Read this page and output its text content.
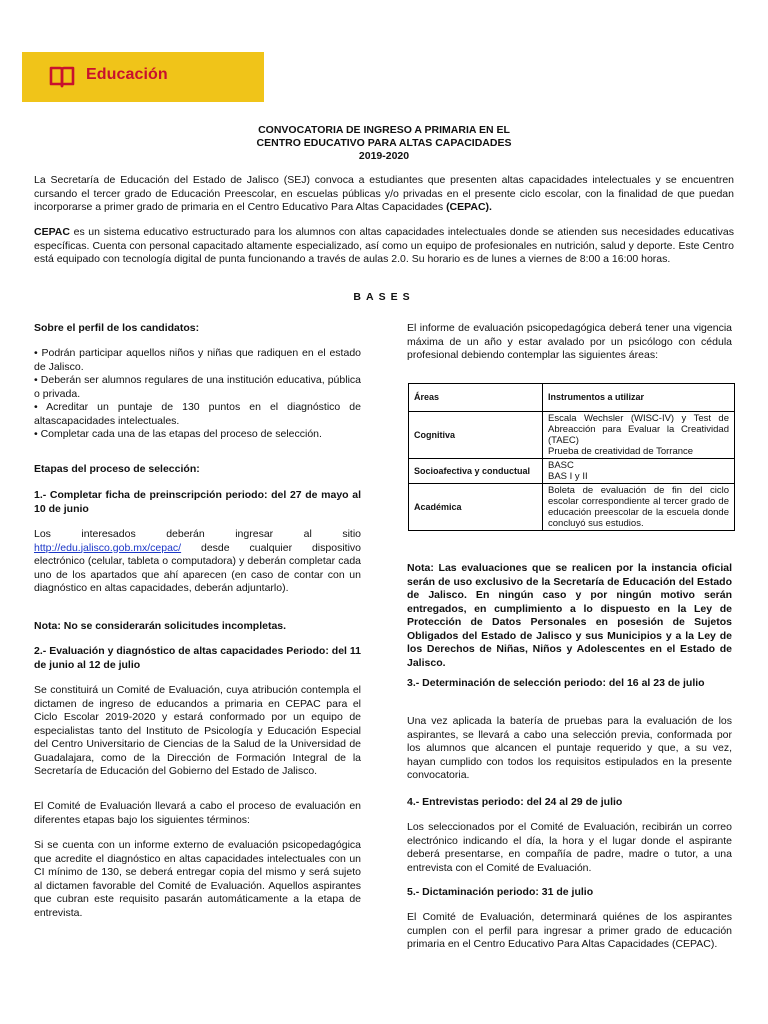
Educación
CONVOCATORIA DE INGRESO A PRIMARIA EN EL
CENTRO EDUCATIVO PARA ALTAS CAPACIDADES
2019-2020
La Secretaría de Educación del Estado de Jalisco (SEJ) convoca a estudiantes que presenten altas capacidades intelectuales y se encuentren cursando el tercer grado de Educación Preescolar, en escuelas públicas y/o privadas en el presente ciclo escolar, con la finalidad de que puedan incorporarse a primer grado de primaria en el Centro Educativo Para Altas Capacidades (CEPAC).
CEPAC es un sistema educativo estructurado para los alumnos con altas capacidades intelectuales donde se atienden sus necesidades educativas específicas. Cuenta con personal capacitado altamente especializado, así como un equipo de profesionales en nutrición, salud y deporte. Este Centro está equipado con tecnología digital de punta funcionando a través de aulas 2.0. Su horario es de lunes a viernes de 8:00 a 16:00 horas.
BASES
Sobre el perfil de los candidatos:
• Podrán participar aquellos niños y niñas que radiquen en el estado de Jalisco.
• Deberán ser alumnos regulares de una institución educativa, pública o privada.
• Acreditar un puntaje de 130 puntos en el diagnóstico de altascapacidades intelectuales.
• Completar cada una de las etapas del proceso de selección.
Etapas del proceso de selección:
1.- Completar ficha de preinscripción periodo: del 27 de mayo al 10 de junio
Los interesados deberán ingresar al sitio http://edu.jalisco.gob.mx/cepac/ desde cualquier dispositivo electrónico (celular, tableta o computadora) y deberán completar cada uno de los apartados que ahí aparecen (en caso de contar con un diagnóstico en altas capacidades, deberán adjuntarlo).
Nota: No se considerarán solicitudes incompletas.
2.- Evaluación y diagnóstico de altas capacidades Periodo: del 11 de junio al 12 de julio
Se constituirá un Comité de Evaluación, cuya atribución contempla el dictamen de ingreso de educandos a primaria en CEPAC para el Ciclo Escolar 2019-2020 y estará conformado por un equipo de especialistas tanto del Instituto de Psicología y Educación Especial del Centro Universitario de Ciencias de la Salud de la Universidad de Guadalajara, como de la Dirección de Formación Integral de la Secretaría de Educación del Gobierno del Estado de Jalisco.
El Comité de Evaluación llevará a cabo el proceso de evaluación en diferentes etapas bajo los siguientes términos:
Si se cuenta con un informe externo de evaluación psicopedagógica que acredite el diagnóstico en altas capacidades intelectuales con un CI mínimo de 130, se deberá entregar copia del mismo y será sujeto al dictamen favorable del Comité de Evaluación. Aquellos aspirantes que cubran este requisito pasarán automáticamente a la etapa de entrevista.
El informe de evaluación psicopedagógica deberá tener una vigencia máxima de un año y estar avalado por un psicólogo con cédula profesional debiendo contemplar las siguientes áreas:
Áreas	Instrumentos a utilizar
Cognitiva	Escala Wechsler (WISC-IV) y Test de Abreacción para Evaluar la Creatividad (TAEC)
Prueba de creatividad de Torrance

Socioafectiva y conductual	BASC
BAS I y II

Académica	Boleta de evaluación de fin del ciclo escolar correspondiente al tercer grado de educación preescolar de la escuela donde concluyó sus estudios.
Nota: Las evaluaciones que se realicen por la instancia oficial serán de uso exclusivo de la Secretaría de Educación del Estado de Jalisco. En ningún caso y por ningún motivo serán entregados, en cumplimiento a lo dispuesto en la Ley de Protección de Datos Personales en posesión de Sujetos Obligados del Estado de Jalisco y sus Municipios y a la Ley de los Derechos de Niñas, Niños y Adolescentes en el Estado de Jalisco.
3.- Determinación de selección periodo: del 16 al 23 de julio
Una vez aplicada la batería de pruebas para la evaluación de los aspirantes, se llevará a cabo una selección previa, conformada por los alumnos que alcancen el puntaje requerido y que, a su vez, hayan cumplido con todos los requisitos estipulados en la presente convocatoria.
4.- Entrevistas periodo: del 24 al 29 de julio
Los seleccionados por el Comité de Evaluación, recibirán un correo electrónico indicando el día, la hora y el lugar donde el aspirante deberá presentarse, en compañía de padre, madre o tutor, a una entrevista con el Comité de Evaluación.
5.- Dictaminación periodo: 31 de julio
El Comité de Evaluación, determinará quiénes de los aspirantes cumplen con el perfil para ingresar a primer grado de educación primaria en el Centro Educativo Para Altas Capacidades (CEPAC).
